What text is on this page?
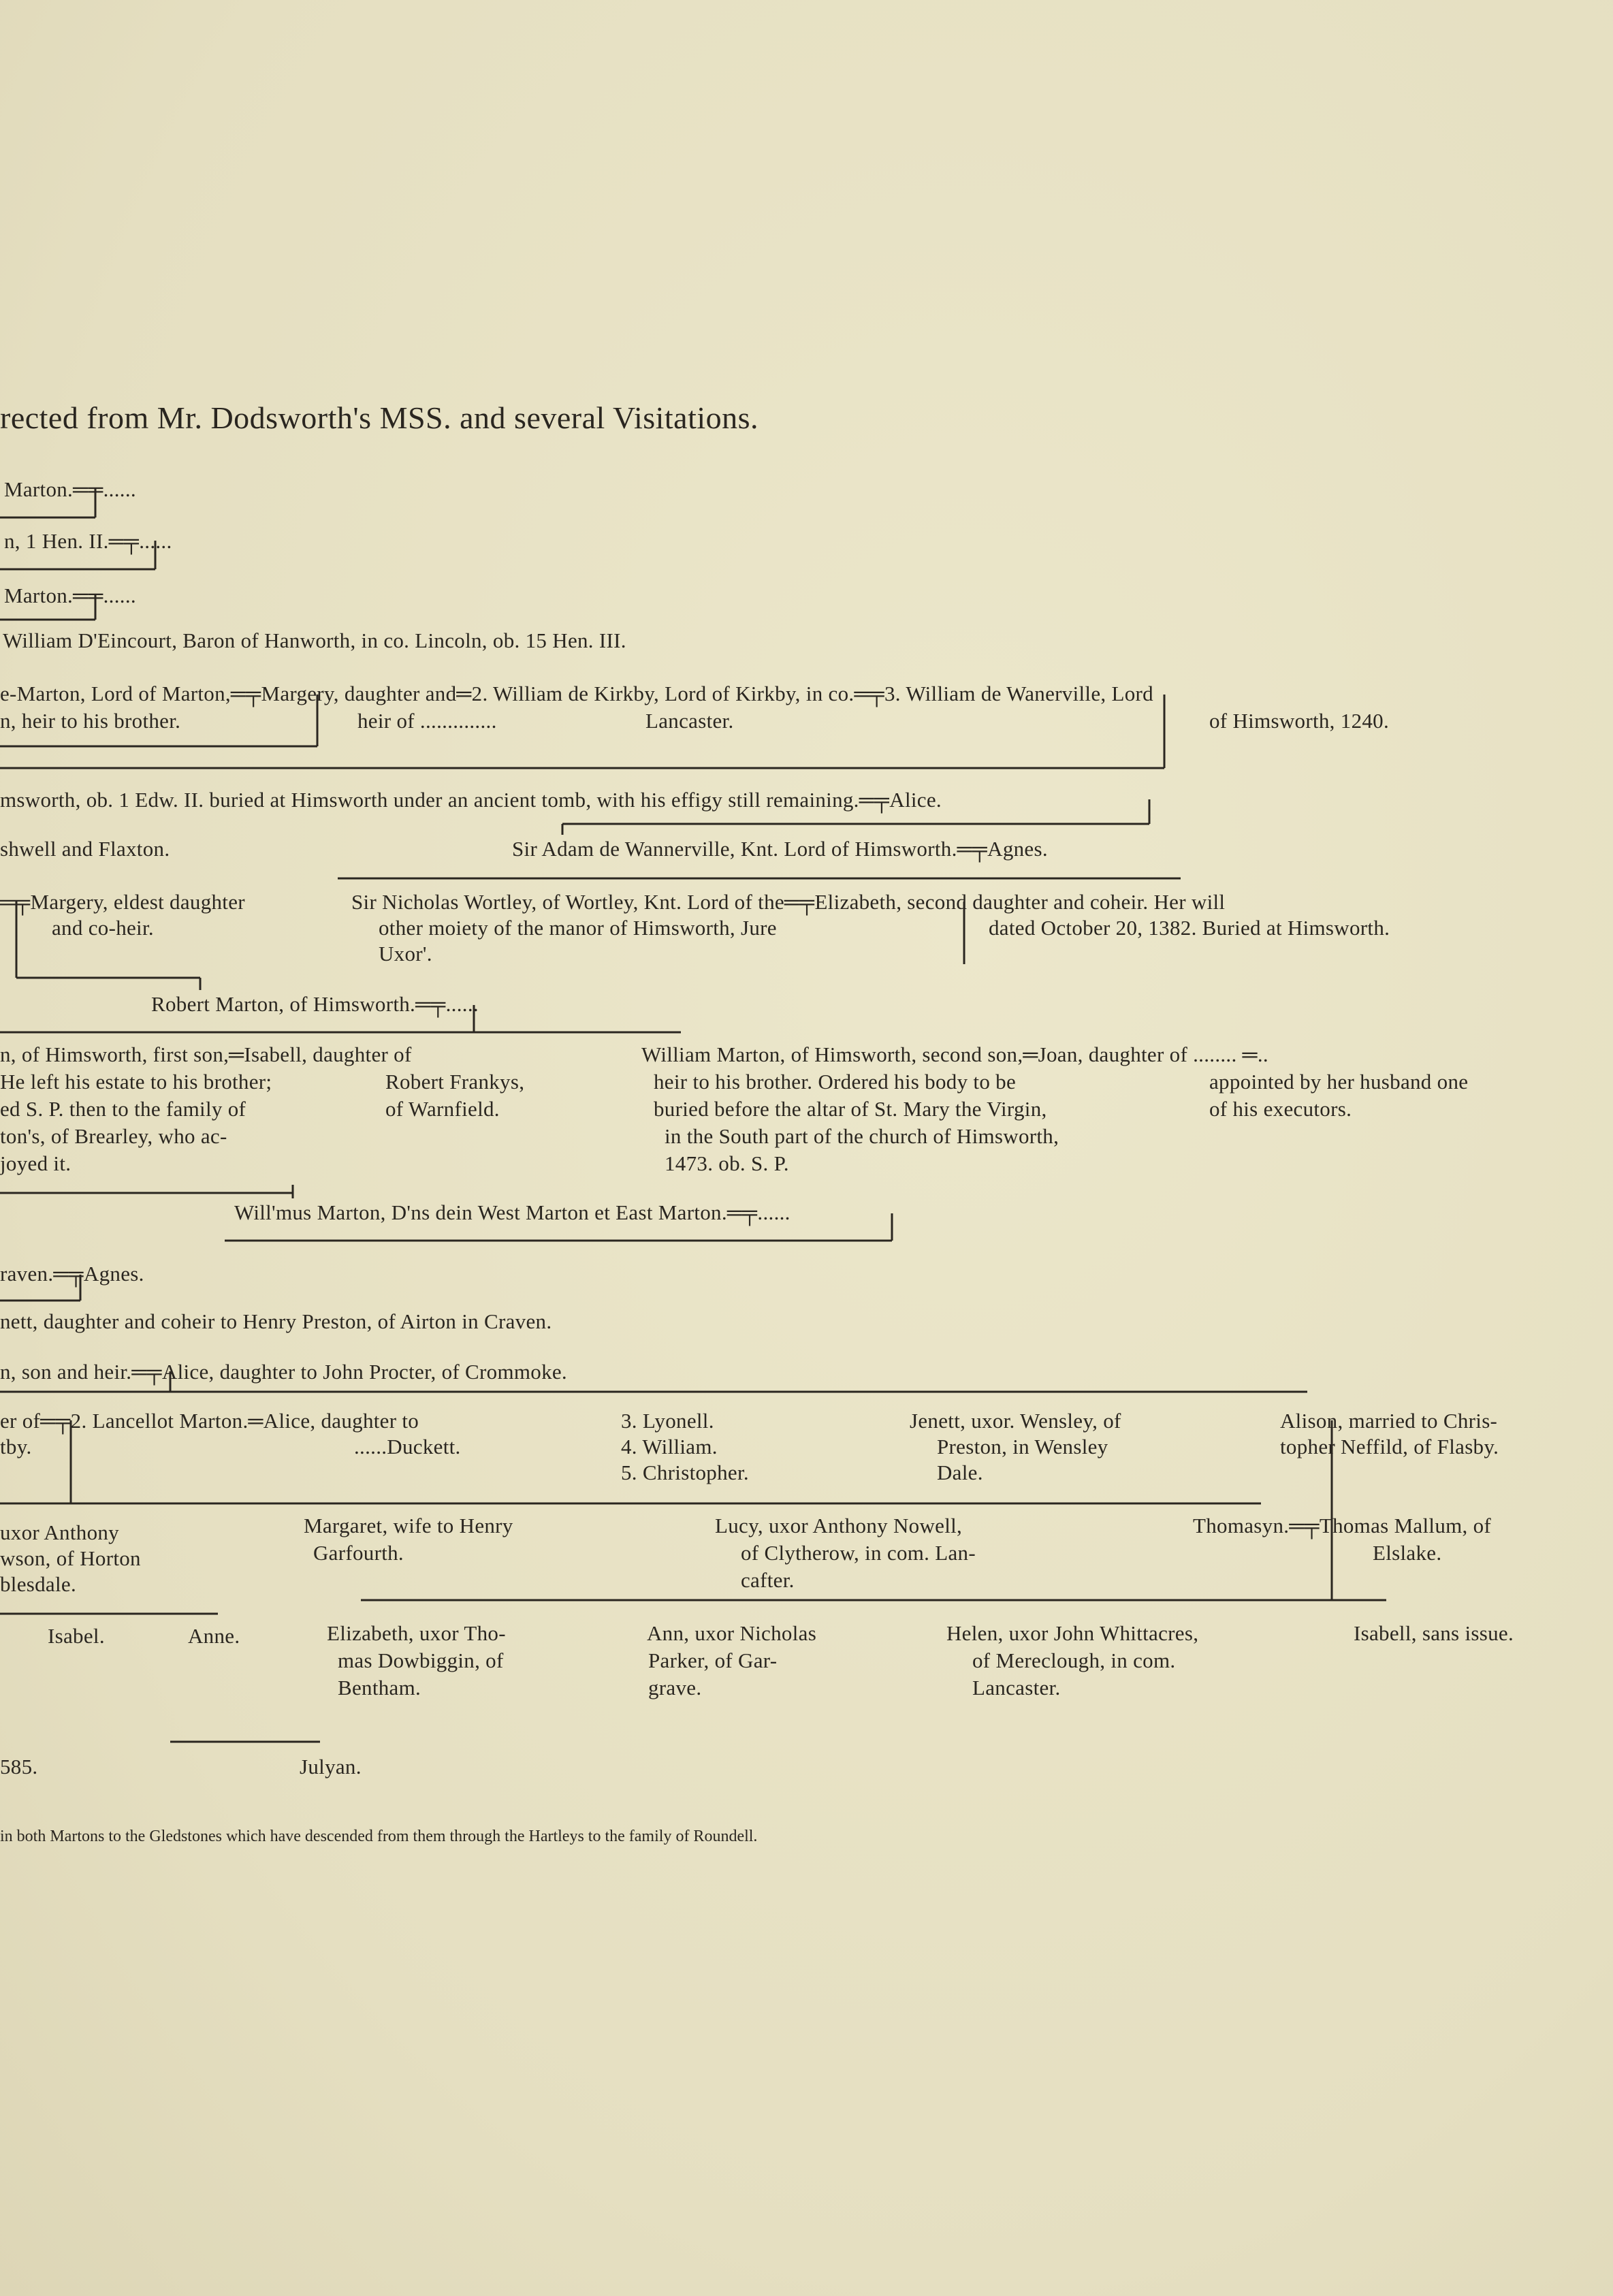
rected from Mr. Dodsworth's MSS. and several Visitations.
Marton.═╤......
n, 1 Hen. II.═╤......
Marton.═╤......
William D'Eincourt, Baron of Hanworth, in co. Lincoln, ob. 15 Hen. III.
e-Marton, Lord of Marton,═╤Margery, daughter and═2. William de Kirkby, Lord of Kirkby, in co.═╤3. William de Wanerville, Lord
n, heir to his brother.	heir of ..............	Lancaster.	of Himsworth, 1240.
msworth, ob. 1 Edw. II. buried at Himsworth under an ancient tomb, with his effigy still remaining.═╤Alice.
shwell and Flaxton.	Sir Adam de Wannerville, Knt. Lord of Himsworth.═╤Agnes.
═╤Margery, eldest daughter
and co-heir.
Sir Nicholas Wortley, of Wortley, Knt. Lord of the═╤Elizabeth, second daughter and coheir. Her will
other moiety of the manor of Himsworth, Jure	dated October 20, 1382. Buried at Himsworth.
Uxor'.
Robert Marton, of Himsworth.═╤......
n, of Himsworth, first son,═Isabell, daughter of
He left his estate to his brother;
ed S. P. then to the family of
ton's, of Brearley, who ac-
joyed it.
Robert Frankys,
of Warnfield.
William Marton, of Himsworth, second son,═Joan, daughter of ........ ═..
heir to his brother. Ordered his body to be	appointed by her husband one
buried before the altar of St. Mary the Virgin,	of his executors.
in the South part of the church of Himsworth,
1473. ob. S. P.
Will'mus Marton, D'ns dein West Marton et East Marton.═╤......
raven.═╤Agnes.
nett, daughter and coheir to Henry Preston, of Airton in Craven.
n, son and heir.═╤Alice, daughter to John Procter, of Crommoke.
er of═╤2. Lancellot Marton.═Alice, daughter to
tby.	......Duckett.
3. Lyonell.
4. William.
5. Christopher.
Jenett, uxor. Wensley, of
Preston, in Wensley
Dale.
Alison, married to Chris-
topher Neffild, of Flasby.
uxor Anthony
wson, of Horton
blesdale.
Margaret, wife to Henry
Garfourth.
Lucy, uxor Anthony Nowell,
of Clytherow, in com. Lan-
cafter.
Thomasyn.═╤Thomas Mallum, of
Elslake.
Isabel.	Anne.	Elizabeth, uxor Tho-
mas Dowbiggin, of
Bentham.
Ann, uxor Nicholas
Parker, of Gar-
grave.
Helen, uxor John Whittacres,
of Mereclough, in com.
Lancaster.
Isabell, sans issue.
585.	Julyan.
in both Martons to the Gledstones which have descended from them through the Hartleys to the family of Roundell.
